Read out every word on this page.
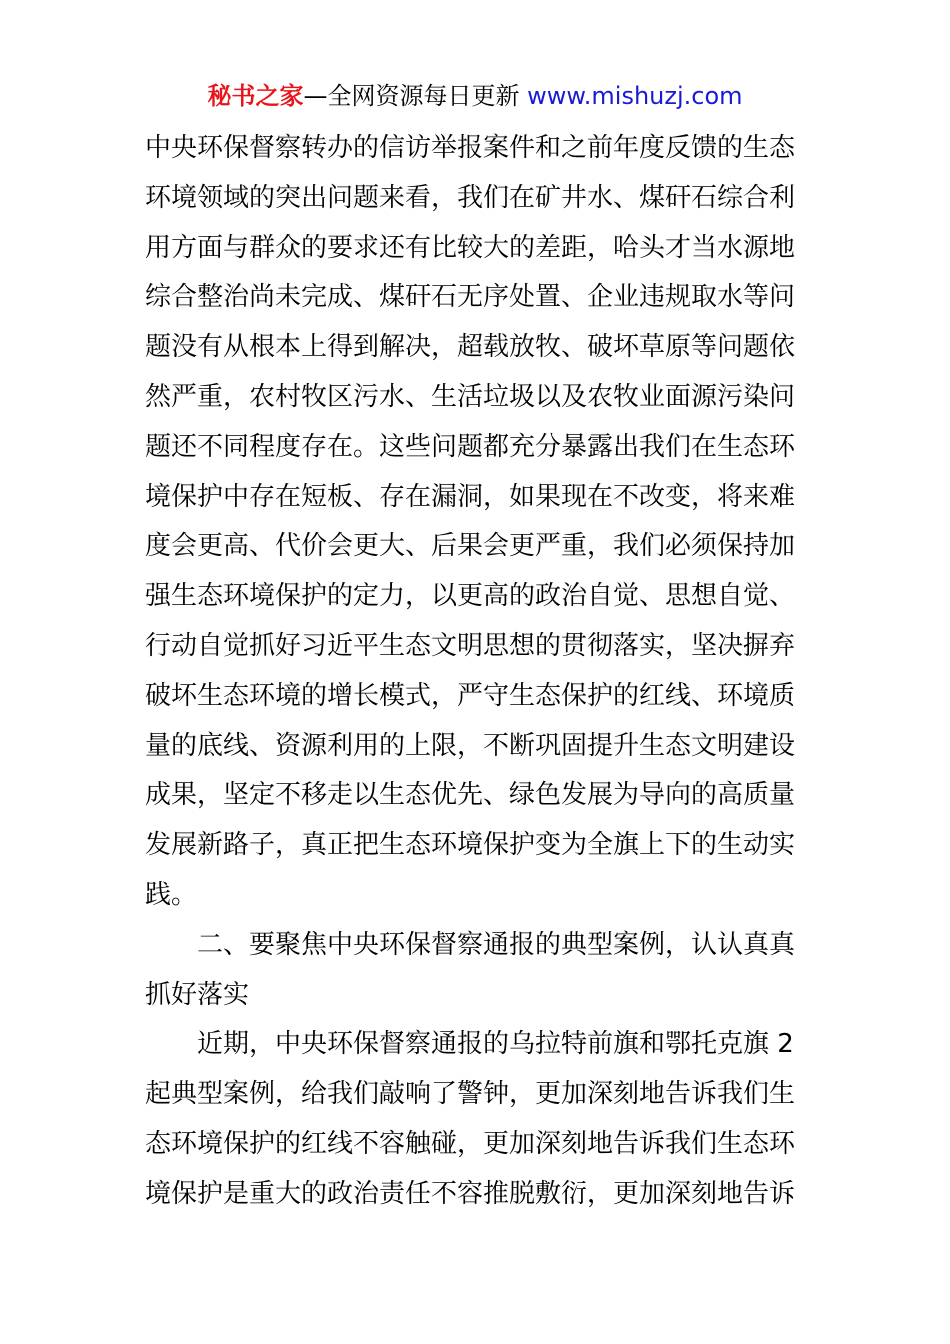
秘书之家—全网资源每日更新 www.mishuzj.com
中央环保督察转办的信访举报案件和之前年度反馈的生态
环境领域的突出问题来看，我们在矿井水、煤矸石综合利
用方面与群众的要求还有比较大的差距，哈头才当水源地
综合整治尚未完成、煤矸石无序处置、企业违规取水等问
题没有从根本上得到解决，超载放牧、破坏草原等问题依
然严重，农村牧区污水、生活垃圾以及农牧业面源污染问
题还不同程度存在。这些问题都充分暴露出我们在生态环
境保护中存在短板、存在漏洞，如果现在不改变，将来难
度会更高、代价会更大、后果会更严重，我们必须保持加
强生态环境保护的定力，以更高的政治自觉、思想自觉、
行动自觉抓好习近平生态文明思想的贯彻落实，坚决摒弃
破坏生态环境的增长模式，严守生态保护的红线、环境质
量的底线、资源利用的上限，不断巩固提升生态文明建设
成果，坚定不移走以生态优先、绿色发展为导向的高质量
发展新路子，真正把生态环境保护变为全旗上下的生动实
践。
　　二、要聚焦中央环保督察通报的典型案例，认认真真
抓好落实
　　近期，中央环保督察通报的乌拉特前旗和鄂托克旗 2
起典型案例，给我们敲响了警钟，更加深刻地告诉我们生
态环境保护的红线不容触碰，更加深刻地告诉我们生态环
境保护是重大的政治责任不容推脱敷衍，更加深刻地告诉
